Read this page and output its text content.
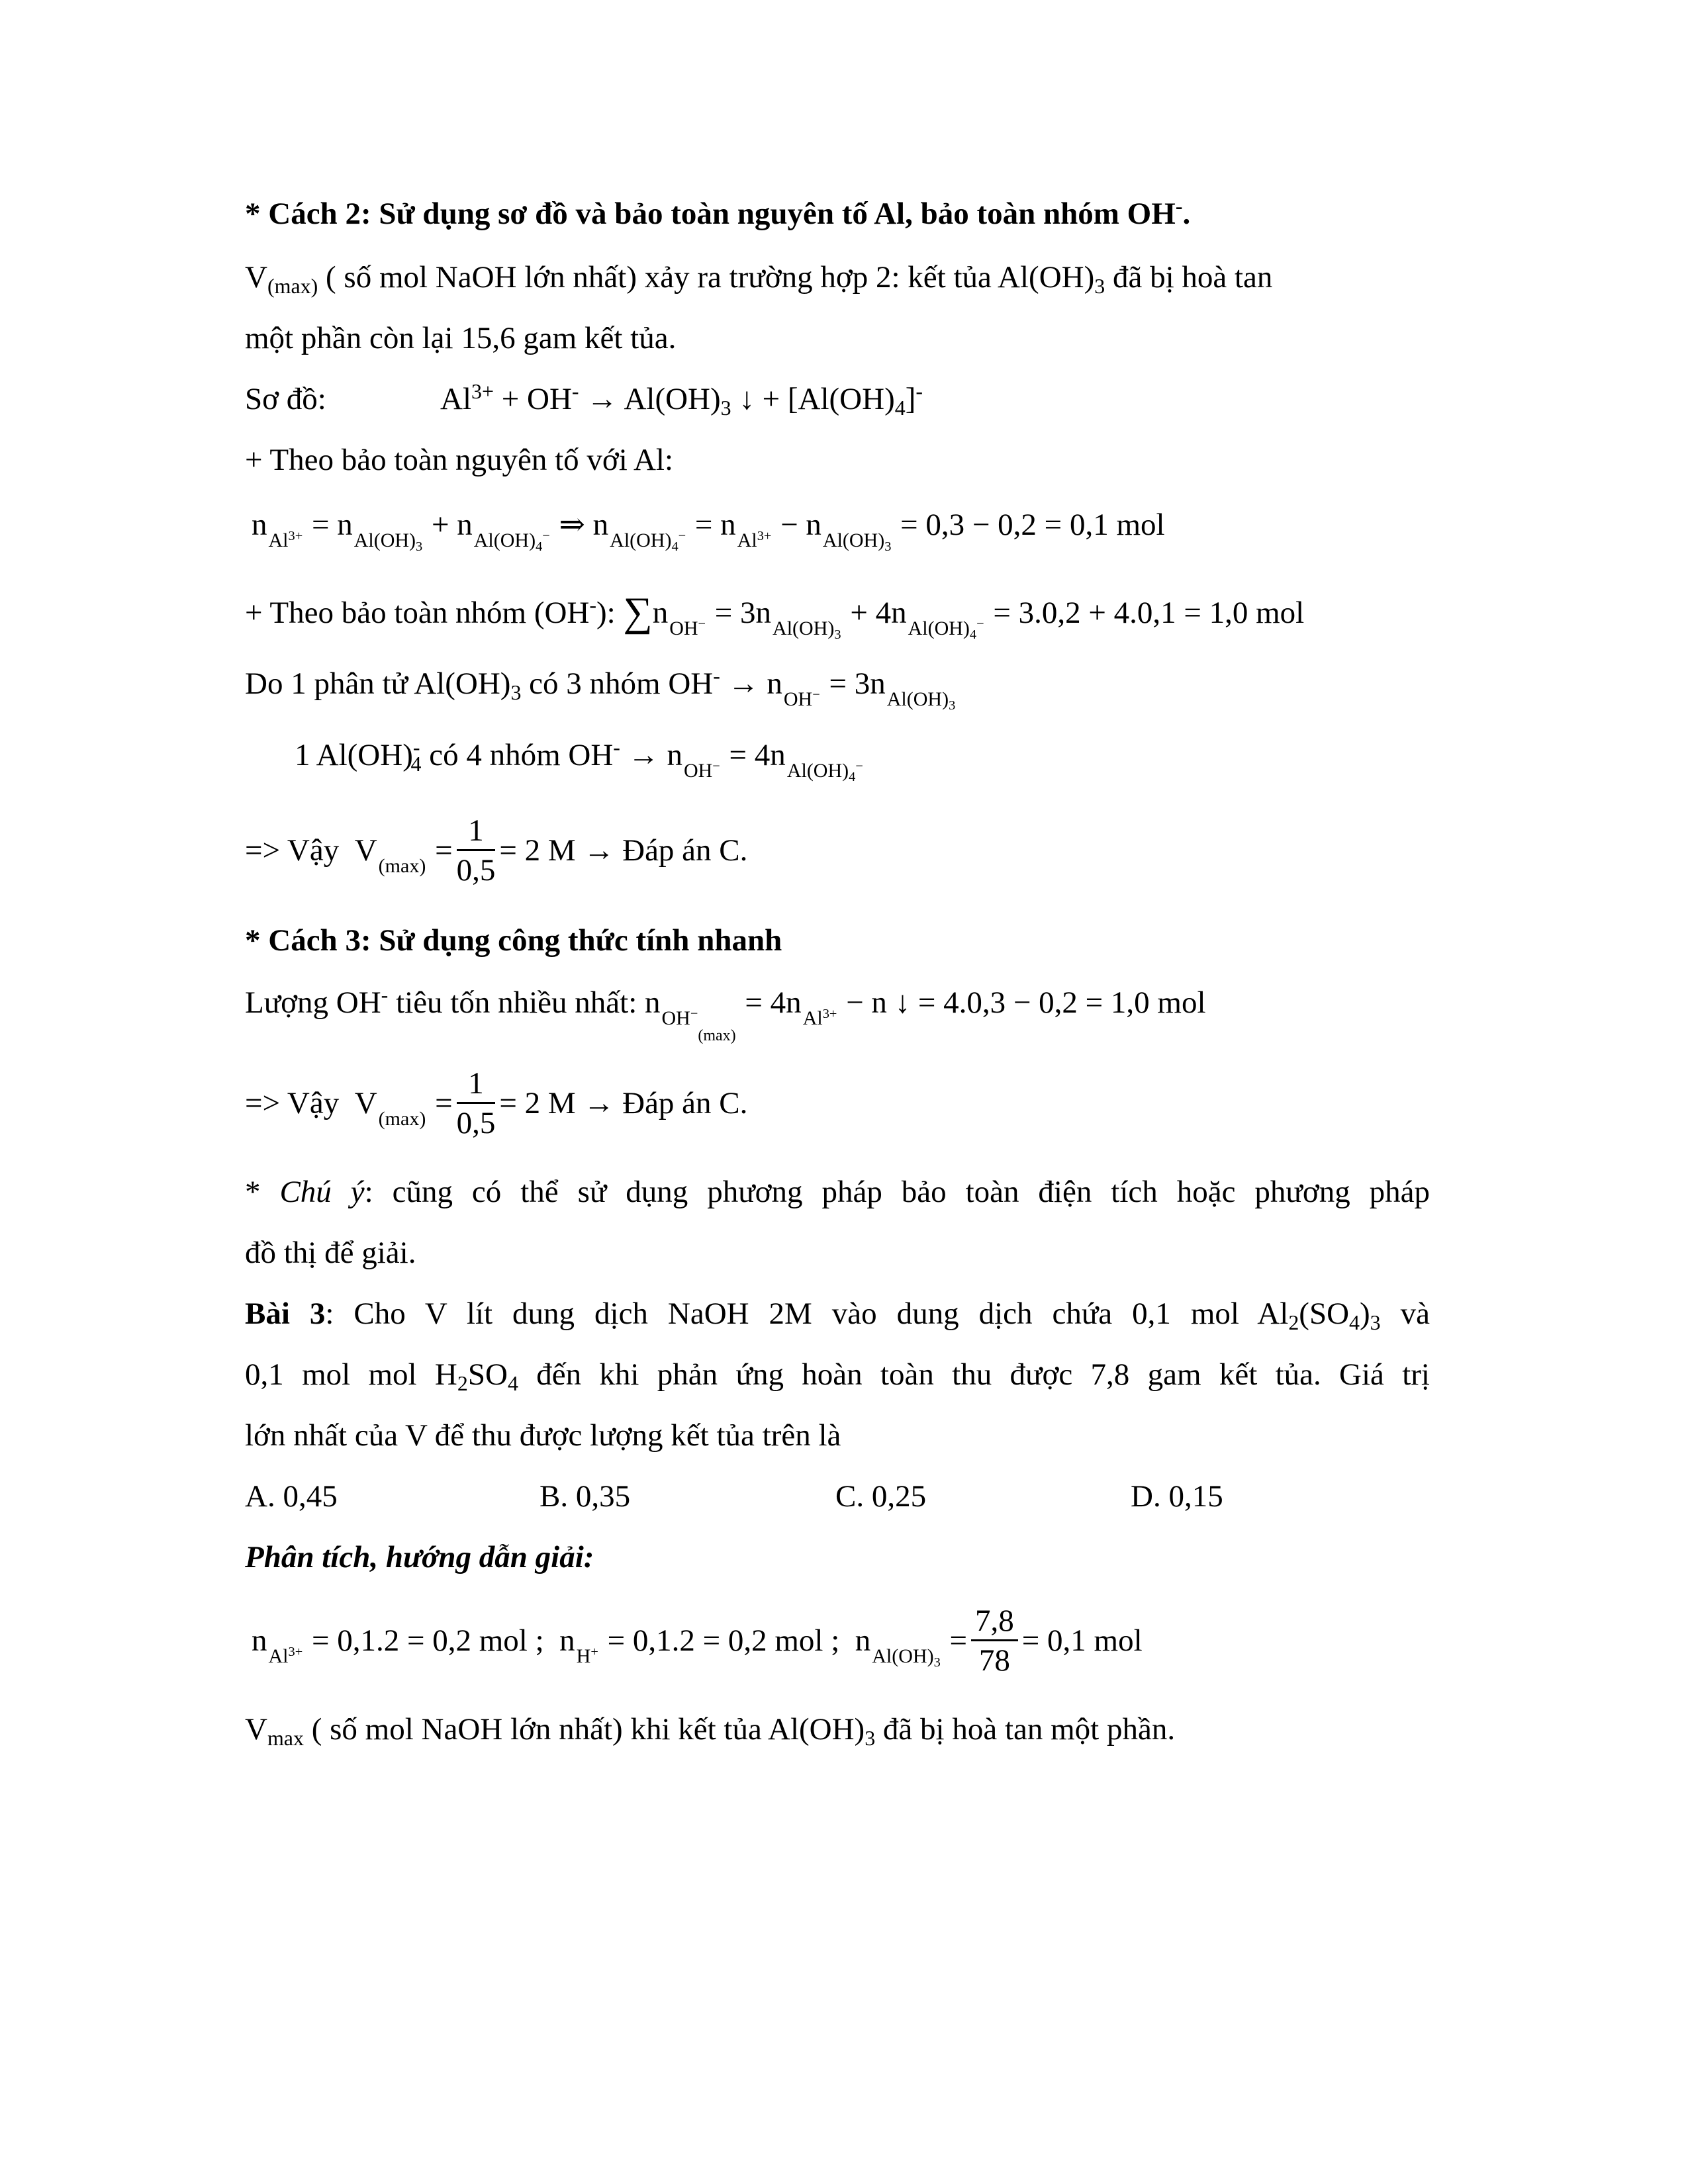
* Cách 2: Sử dụng sơ đồ và bảo toàn nguyên tố Al, bảo toàn nhóm OH-.
$V_{(max)}$ ( số mol NaOH lớn nhất) xảy ra trường hợp 2: kết tủa $Al(OH)_3$ đã bị hoà tan
một phần còn lại 15,6 gam kết tủa.
Sơ đồ:	$Al^{3+} + OH^- \to Al(OH)_3$ ↓ + $[Al(OH)_4]^-$
+ Theo bảo toàn nguyên tố với Al:
$n_{Al^{3+}} = n_{Al(OH)_3} + n_{Al(OH)_4^-}$ ⇒ $n_{Al(OH)_4^-} = n_{Al^{3+}} - n_{Al(OH)_3} = 0,3 - 0,2 = 0,1$ mol
+ Theo bảo toàn nhóm (OH-): $\sum n_{OH^-} = 3n_{Al(OH)_3} + 4n_{Al(OH)_4^-} = 3.0,2 + 4.0,1 = 1,0$ mol
Do 1 phân tử $Al(OH)_3$ có 3 nhóm $OH^- \to n_{OH^-} = 3n_{Al(OH)_3}$
1 $Al(OH)^-_4$ có 4 nhóm $OH^- \to n_{OH^-} = 4n_{Al(OH)_4^-}$
=> Vậy $V_{(max)} = \frac{1}{0,5} = 2$ M → Đáp án C.
* Cách 3: Sử dụng công thức tính nhanh
Lượng OH- tiêu tốn nhiều nhất: $n_{OH^-_{(max)}} = 4n_{Al^{3+}} - n$ ↓ = 4.0,3 − 0,2 = 1,0 mol
=> Vậy $V_{(max)} = \frac{1}{0,5} = 2$ M → Đáp án C.
* Chú ý: cũng có thể sử dụng phương pháp bảo toàn điện tích hoặc phương pháp
đồ thị để giải.
Bài 3: Cho V lít dung dịch NaOH 2M vào dung dịch chứa 0,1 mol $Al_2(SO_4)_3$ và
0,1 mol mol $H_2SO_4$ đến khi phản ứng hoàn toàn thu được 7,8 gam kết tủa. Giá trị
lớn nhất của V để thu được lượng kết tủa trên là
A. 0,45	B. 0,35	C. 0,25	D. 0,15
Phân tích, hướng dẫn giải:
$n_{Al^{3+}} = 0,1.2 = 0,2$ mol ;  $n_{H^+} = 0,1.2 = 0,2$ mol ;  $n_{Al(OH)_3} = \frac{7,8}{78} = 0,1$ mol
$V_{max}$ ( số mol NaOH lớn nhất) khi kết tủa $Al(OH)_3$ đã bị hoà tan một phần.
